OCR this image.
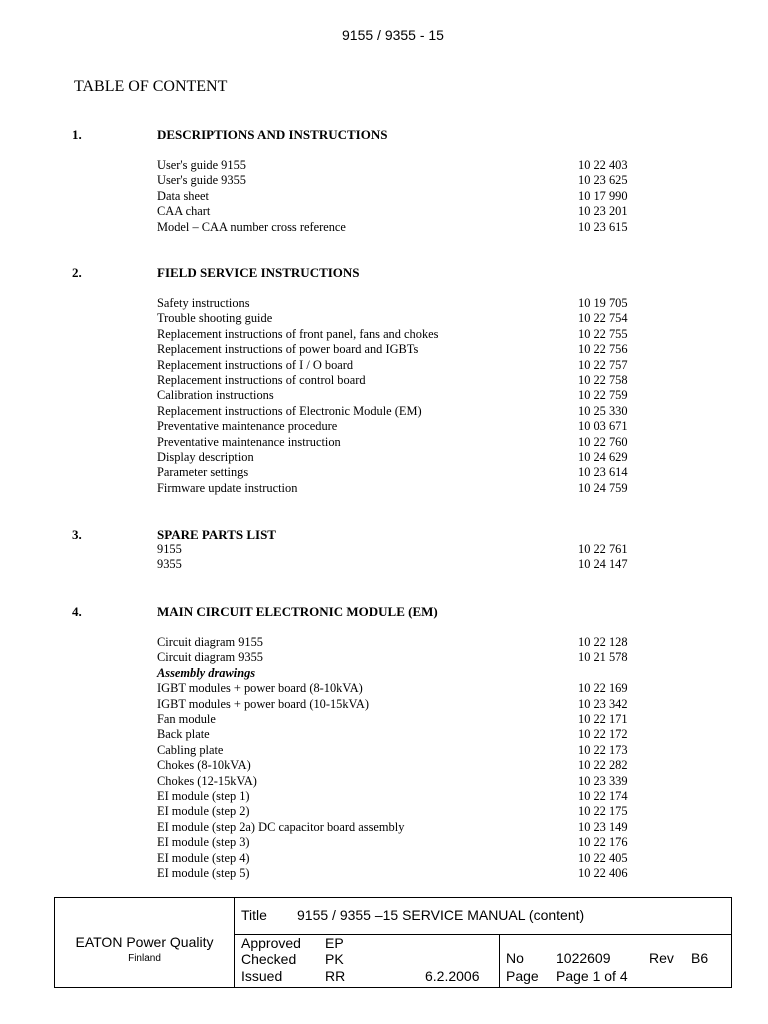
9155 / 9355 - 15
TABLE OF CONTENT
1.	DESCRIPTIONS AND INSTRUCTIONS
User's guide 9155	10 22 403
User's guide 9355	10 23 625
Data sheet	10 17 990
CAA chart	10 23 201
Model – CAA number cross reference	10 23 615
2.	FIELD SERVICE INSTRUCTIONS
Safety instructions	10 19 705
Trouble shooting guide	10 22 754
Replacement instructions of front panel, fans and chokes	10 22 755
Replacement instructions of power board and IGBTs	10 22 756
Replacement instructions of I / O board	10 22 757
Replacement instructions of control board	10 22 758
Calibration instructions	10 22 759
Replacement instructions of Electronic Module (EM)	10 25 330
Preventative maintenance procedure	10 03 671
Preventative maintenance instruction	10 22 760
Display description	10 24 629
Parameter settings	10 23 614
Firmware update instruction	10 24 759
3.	SPARE PARTS LIST
9155	10 22 761
9355	10 24 147
4.	MAIN CIRCUIT ELECTRONIC MODULE (EM)
Circuit diagram 9155	10 22 128
Circuit diagram 9355	10 21 578
Assembly drawings
IGBT modules + power board (8-10kVA)	10 22 169
IGBT modules + power board (10-15kVA)	10 23 342
Fan module	10 22 171
Back plate	10 22 172
Cabling plate	10 22 173
Chokes (8-10kVA)	10 22 282
Chokes (12-15kVA)	10 23 339
EI module (step 1)	10 22 174
EI module (step 2)	10 22 175
EI module (step 2a) DC capacitor board assembly	10 23 149
EI module (step 3)	10 22 176
EI module (step 4)	10 22 405
EI module (step 5)	10 22 406
EATON Power Quality
Finland
Title 9155 / 9355 –15 SERVICE MANUAL (content)
Approved EP
Checked PK
Issued	RR	6.2.2006
No 1022609	Rev B6
Page Page 1 of 4
